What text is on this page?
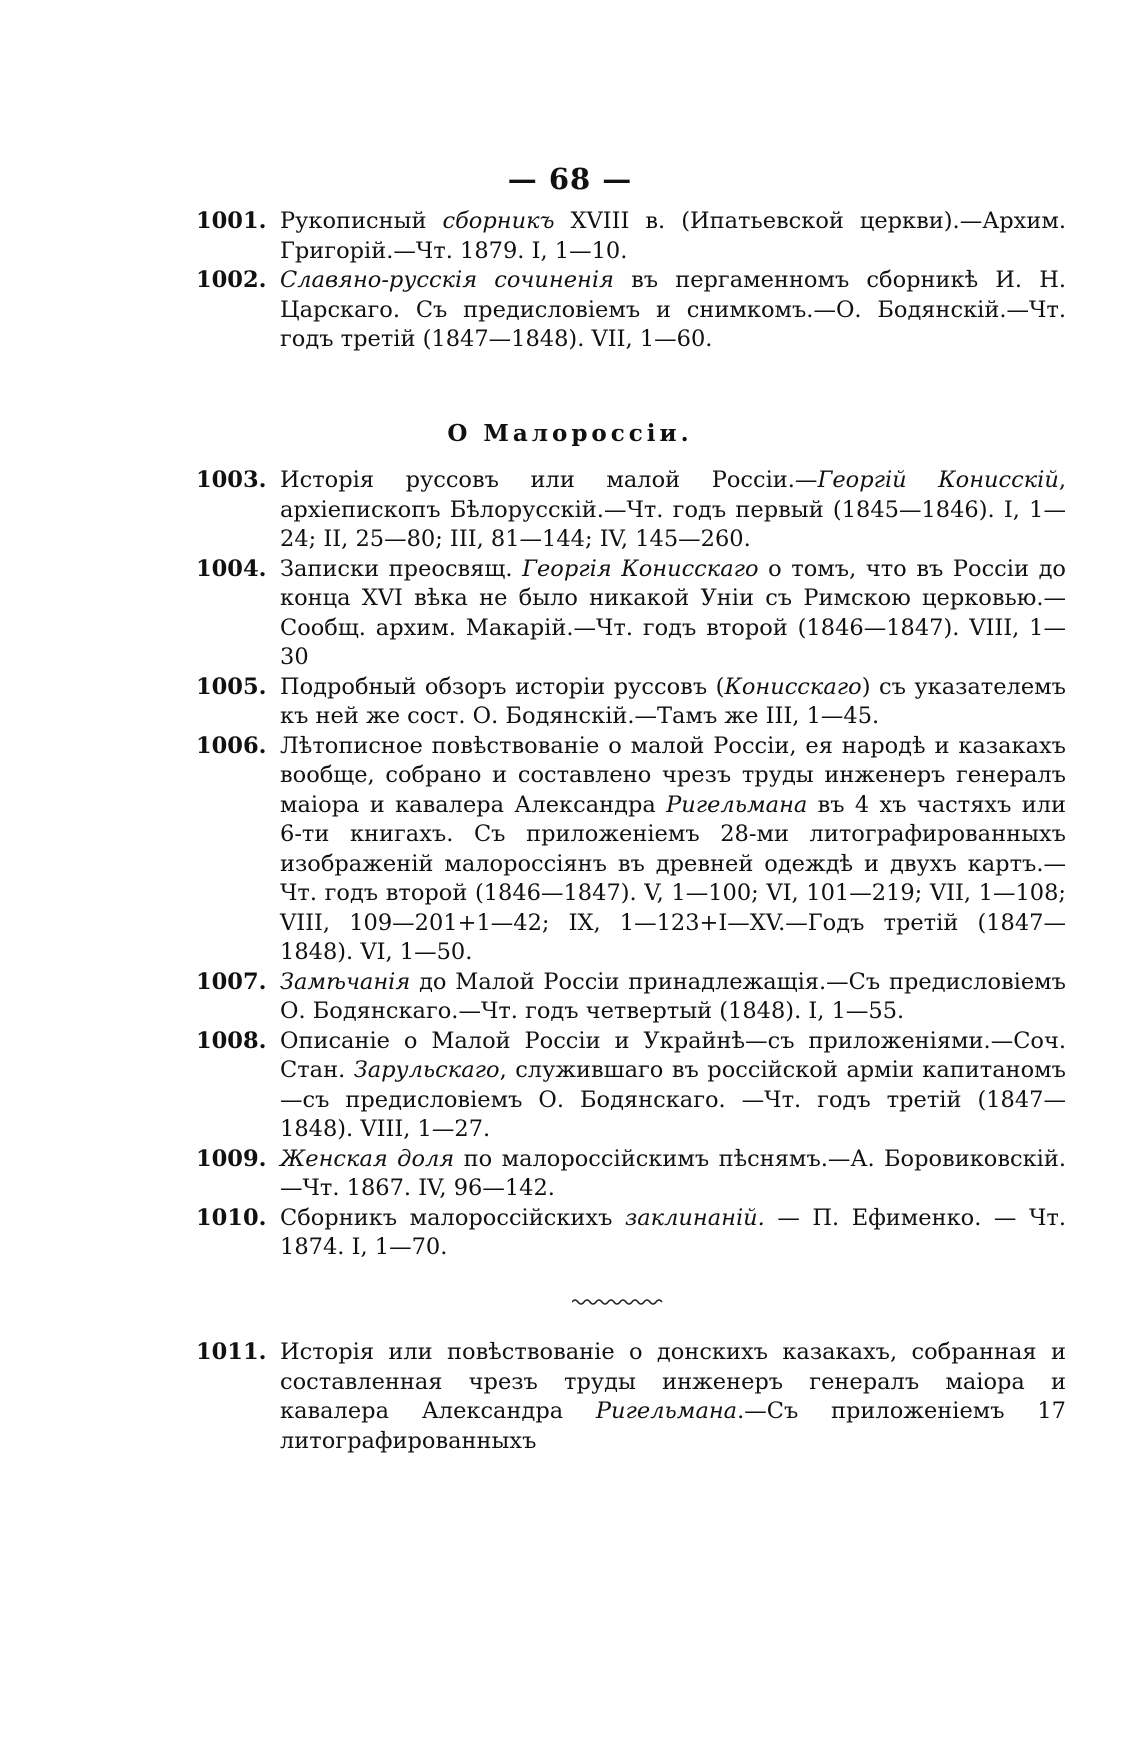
— 68 —
1001. Рукописный сборникъ XVIII в. (Ипатьевской церкви).—Архим. Григорій.—Чт. 1879. I, 1—10.
1002. Славяно-русскія сочиненія въ пергаменномъ сборникѣ И. Н. Царскаго. Съ предисловіемъ и снимкомъ.—О. Бодянскій.—Чт. годъ третій (1847—1848). VII, 1—60.
О Малороссіи.
1003. Исторія руссовъ или малой Россіи.—Георгій Конисскій, архіепископъ Бѣлорусскій.—Чт. годъ первый (1845—1846). I, 1—24; II, 25—80; III, 81—144; IV, 145—260.
1004. Записки преосвящ. Георгія Конисскаго о томъ, что въ Россіи до конца XVI вѣка не было никакой Уніи съ Римскою церковью.—Сообщ. архим. Макарій.—Чт. годъ второй (1846—1847). VIII, 1—30
1005. Подробный обзоръ исторіи руссовъ (Конисскаго) съ указателемъ къ ней же сост. О. Бодянскій.—Тамъ же III, 1—45.
1006. Лѣтописное повѣствованіе о малой Россіи, ея народѣ и казакахъ вообще, собрано и составлено чрезъ труды инженеръ генералъ маіора и кавалера Александра Ригельмана въ 4 хъ частяхъ или 6-ти книгахъ. Съ приложеніемъ 28-ми литографированныхъ изображеній малороссіянъ въ древней одеждѣ и двухъ картъ.—Чт. годъ второй (1846—1847). V, 1—100; VI, 101—219; VII, 1—108; VIII, 109—201+1—42; IX, 1—123+I—XV.—Годъ третій (1847—1848). VI, 1—50.
1007. Замѣчанія до Малой Россіи принадлежащія.—Съ предисловіемъ О. Бодянскаго.—Чт. годъ четвертый (1848). I, 1—55.
1008. Описаніе о Малой Россіи и Украйнѣ—съ приложеніями.—Соч. Стан. Зарульскаго, служившаго въ россійской арміи капитаномъ—съ предисловіемъ О. Бодянскаго. —Чт. годъ третій (1847—1848). VIII, 1—27.
1009. Женская доля по малороссійскимъ пѣснямъ.—А. Боровиковскій.—Чт. 1867. IV, 96—142.
1010. Сборникъ малороссійскихъ заклинаній. — П. Ефименко. — Чт. 1874. I, 1—70.
1011. Исторія или повѣствованіе о донскихъ казакахъ, собранная и составленная чрезъ труды инженеръ генералъ маіора и кавалера Александра Ригельмана.—Съ приложеніемъ 17 литографированныхъ
